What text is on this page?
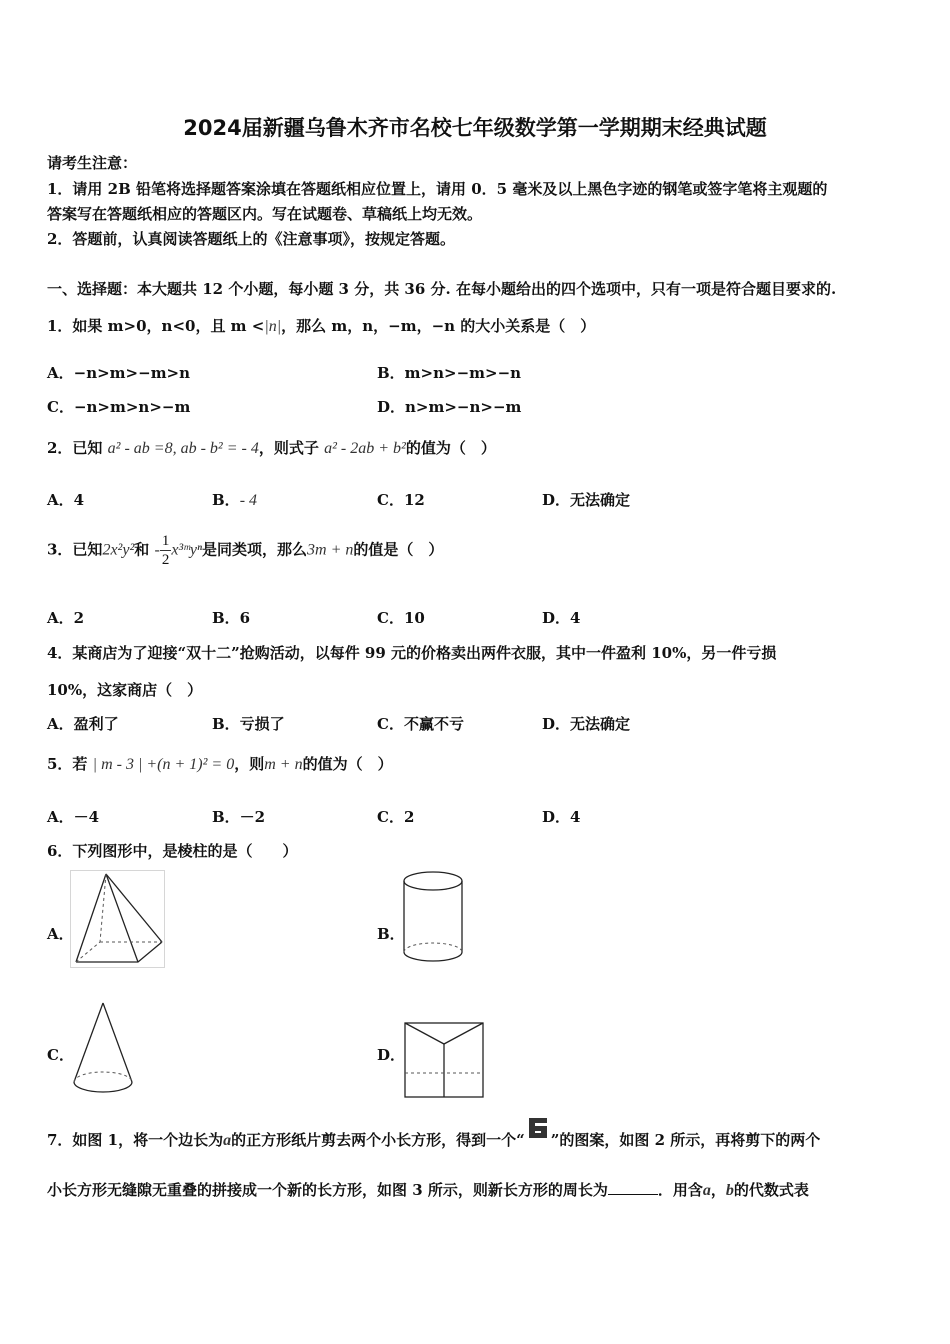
2024届新疆乌鲁木齐市名校七年级数学第一学期期末经典试题
请考生注意：
1．请用 2B 铅笔将选择题答案涂填在答题纸相应位置上，请用 0．5 毫米及以上黑色字迹的钢笔或签字笔将主观题的
答案写在答题纸相应的答题区内。写在试题卷、草稿纸上均无效。
2．答题前，认真阅读答题纸上的《注意事项》，按规定答题。
一、选择题：本大题共 12 个小题，每小题 3 分，共 36 分. 在每小题给出的四个选项中，只有一项是符合题目要求的.
1．如果 m>0，n<0，且 m <|n|，那么 m，n，−m，−n 的大小关系是（　）
A．−n>m>−m>n	B．m>n>−m>−n
C．−n>m>n>−m	D．n>m>−n>−m
2．已知 a² - ab =8, ab - b² = - 4，则式子 a² - 2ab + b²的值为（　）
A．4	B．- 4	C．12	D．无法确定
3．已知2x²y²和 - $\frac{1}{2}$ x³ᵐyⁿ是同类项，那么3m + n的值是（　）
A．2	B．6	C．10	D．4
4．某商店为了迎接“双十二”抢购活动，以每件 99 元的价格卖出两件衣服，其中一件盈利 10%，另一件亏损
10%，这家商店（　）
A．盈利了	B．亏损了	C．不赢不亏	D．无法确定
5．若 | m - 3 | +(n + 1)² = 0，则m + n的值为（　）
A．－4	B．－2	C．2	D．4
6．下列图形中，是棱柱的是（　　）
A．	B．
C．	D．
7．如图 1，将一个边长为a的正方形纸片剪去两个小长方形，得到一个“ ”的图案，如图 2 所示，再将剪下的两个
小长方形无缝隙无重叠的拼接成一个新的长方形，如图 3 所示，则新长方形的周长为	．用含a，b的代数式表
